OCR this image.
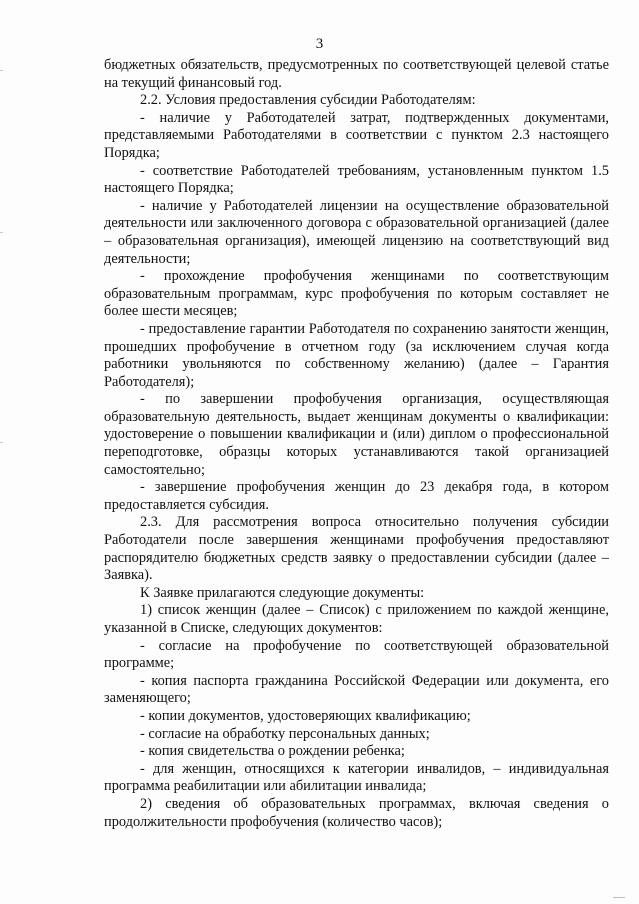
3

бюджетных обязательств, предусмотренных по соответствующей целевой статье на текущий финансовый год.

2.2. Условия предоставления субсидии Работодателям:

- наличие у Работодателей затрат, подтвержденных документами, представляемыми Работодателями в соответствии с пунктом 2.3 настоящего Порядка;

- соответствие Работодателей требованиям, установленным пунктом 1.5 настоящего Порядка;

- наличие у Работодателей лицензии на осуществление образовательной деятельности или заключенного договора с образовательной организацией (далее – образовательная организация), имеющей лицензию на соответствующий вид деятельности;

- прохождение профобучения женщинами по соответствующим образовательным программам, курс профобучения по которым составляет не более шести месяцев;

- предоставление гарантии Работодателя по сохранению занятости женщин, прошедших профобучение в отчетном году (за исключением случая когда работники увольняются по собственному желанию) (далее – Гарантия Работодателя);

- по завершении профобучения организация, осуществляющая образовательную деятельность, выдает женщинам документы о квалификации: удостоверение о повышении квалификации и (или) диплом о профессиональной переподготовке, образцы которых устанавливаются такой организацией самостоятельно;

- завершение профобучения женщин до 23 декабря года, в котором предоставляется субсидия.

2.3. Для рассмотрения вопроса относительно получения субсидии Работодатели после завершения женщинами профобучения предоставляют распорядителю бюджетных средств заявку о предоставлении субсидии (далее – Заявка).

К Заявке прилагаются следующие документы:

1) список женщин (далее – Список) с приложением по каждой женщине, указанной в Списке, следующих документов:

- согласие на профобучение по соответствующей образовательной программе;

- копия паспорта гражданина Российской Федерации или документа, его заменяющего;

- копии документов, удостоверяющих квалификацию;

- согласие на обработку персональных данных;

- копия свидетельства о рождении ребенка;

- для женщин, относящихся к категории инвалидов, – индивидуальная программа реабилитации или абилитации инвалида;

2) сведения об образовательных программах, включая сведения о продолжительности профобучения (количество часов);
